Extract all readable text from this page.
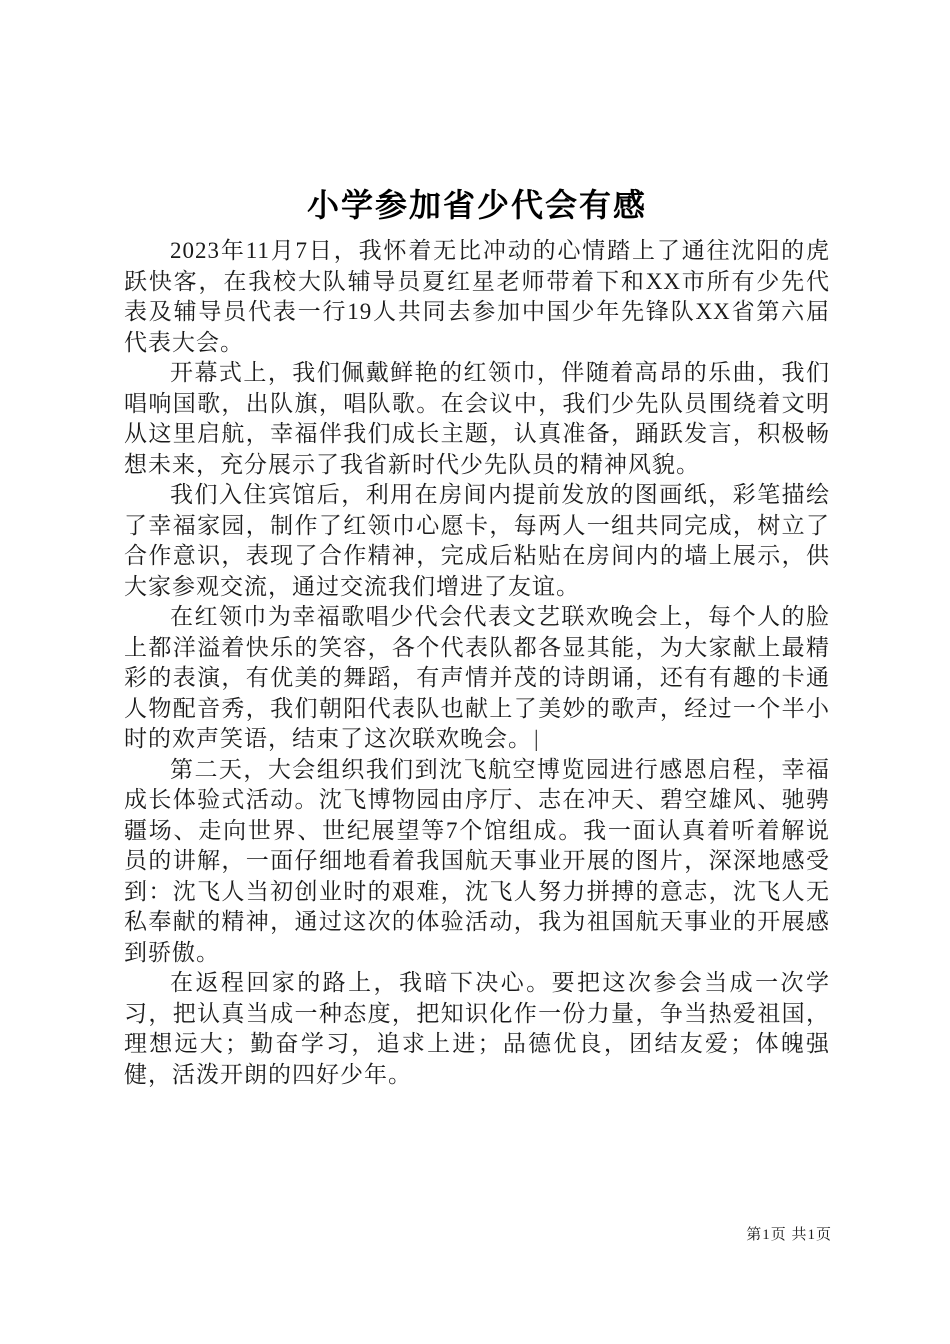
小学参加省少代会有感

2023年11月7日，我怀着无比冲动的心情踏上了通往沈阳的虎跃快客，在我校大队辅导员夏红星老师带着下和XX市所有少先代表及辅导员代表一行19人共同去参加中国少年先锋队XX省第六届代表大会。

开幕式上，我们佩戴鲜艳的红领巾，伴随着高昂的乐曲，我们唱响国歌，出队旗，唱队歌。在会议中，我们少先队员围绕着文明从这里启航，幸福伴我们成长主题，认真准备，踊跃发言，积极畅想未来，充分展示了我省新时代少先队员的精神风貌。

我们入住宾馆后，利用在房间内提前发放的图画纸，彩笔描绘了幸福家园，制作了红领巾心愿卡，每两人一组共同完成，树立了合作意识，表现了合作精神，完成后粘贴在房间内的墙上展示，供大家参观交流，通过交流我们增进了友谊。

在红领巾为幸福歌唱少代会代表文艺联欢晚会上，每个人的脸上都洋溢着快乐的笑容，各个代表队都各显其能，为大家献上最精彩的表演，有优美的舞蹈，有声情并茂的诗朗诵，还有有趣的卡通人物配音秀，我们朝阳代表队也献上了美妙的歌声，经过一个半小时的欢声笑语，结束了这次联欢晚会。|

第二天，大会组织我们到沈飞航空博览园进行感恩启程，幸福成长体验式活动。沈飞博物园由序厅、志在冲天、碧空雄风、驰骋疆场、走向世界、世纪展望等7个馆组成。我一面认真着听着解说员的讲解，一面仔细地看着我国航天事业开展的图片，深深地感受到：沈飞人当初创业时的艰难，沈飞人努力拼搏的意志，沈飞人无私奉献的精神，通过这次的体验活动，我为祖国航天事业的开展感到骄傲。

在返程回家的路上，我暗下决心。要把这次参会当成一次学习，把认真当成一种态度，把知识化作一份力量，争当热爱祖国，理想远大；勤奋学习，追求上进；品德优良，团结友爱；体魄强健，活泼开朗的四好少年。

第1页 共1页
